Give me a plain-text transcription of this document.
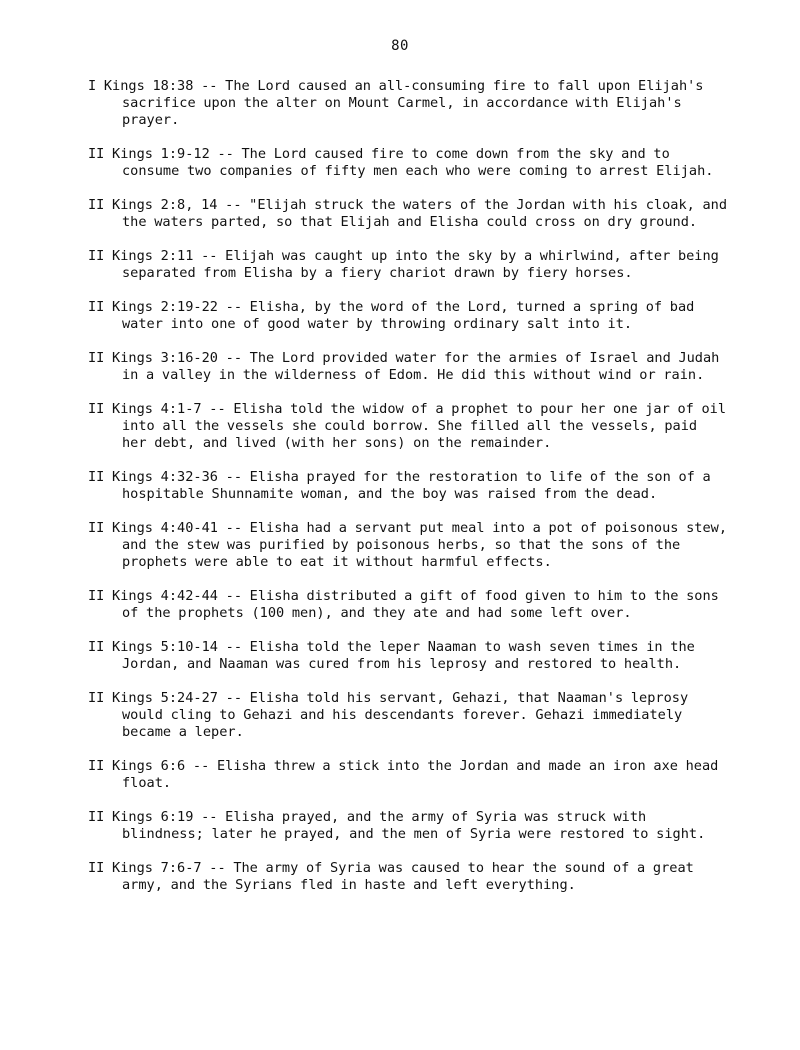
80

I Kings 18:38 -- The Lord caused an all-consuming fire to fall upon Elijah's sacrifice upon the alter on Mount Carmel, in accordance with Elijah's prayer.

II Kings 1:9-12 -- The Lord caused fire to come down from the sky and to consume two companies of fifty men each who were coming to arrest Elijah.

II Kings 2:8, 14 -- "Elijah struck the waters of the Jordan with his cloak, and the waters parted, so that Elijah and Elisha could cross on dry ground.

II Kings 2:11 -- Elijah was caught up into the sky by a whirlwind, after being separated from Elisha by a fiery chariot drawn by fiery horses.

II Kings 2:19-22 -- Elisha, by the word of the Lord, turned a spring of bad water into one of good water by throwing ordinary salt into it.

II Kings 3:16-20 -- The Lord provided water for the armies of Israel and Judah in a valley in the wilderness of Edom. He did this without wind or rain.

II Kings 4:1-7 -- Elisha told the widow of a prophet to pour her one jar of oil into all the vessels she could borrow. She filled all the vessels, paid her debt, and lived (with her sons) on the remainder.

II Kings 4:32-36 -- Elisha prayed for the restoration to life of the son of a hospitable Shunnamite woman, and the boy was raised from the dead.

II Kings 4:40-41 -- Elisha had a servant put meal into a pot of poisonous stew, and the stew was purified by poisonous herbs, so that the sons of the prophets were able to eat it without harmful effects.

II Kings 4:42-44 -- Elisha distributed a gift of food given to him to the sons of the prophets (100 men), and they ate and had some left over.

II Kings 5:10-14 -- Elisha told the leper Naaman to wash seven times in the Jordan, and Naaman was cured from his leprosy and restored to health.

II Kings 5:24-27 -- Elisha told his servant, Gehazi, that Naaman's leprosy would cling to Gehazi and his descendants forever. Gehazi immediately became a leper.

II Kings 6:6 -- Elisha threw a stick into the Jordan and made an iron axe head float.

II Kings 6:19 -- Elisha prayed, and the army of Syria was struck with blindness; later he prayed, and the men of Syria were restored to sight.

II Kings 7:6-7 -- The army of Syria was caused to hear the sound of a great army, and the Syrians fled in haste and left everything.
